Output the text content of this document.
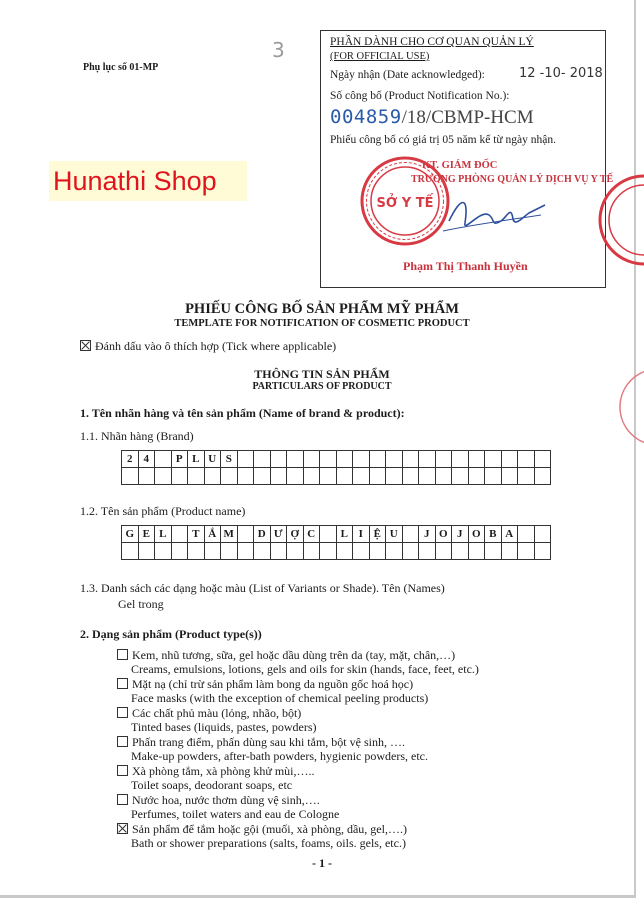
Phụ lục số 01-MP
3
Hunathi Shop
PHẦN DÀNH CHO CƠ QUAN QUẢN LÝ
(FOR OFFICIAL USE)
Ngày nhận (Date acknowledged):	12 -10- 2018
Số công bố (Product Notification No.):
004859/18/CBMP-HCM
Phiếu công bố có giá trị 05 năm kể từ ngày nhận.
KT. GIÁM ĐỐC
TRƯỞNG PHÒNG QUẢN LÝ DỊCH VỤ Y TẾ
SỞ Y TẾ
Phạm Thị Thanh Huyền
PHIẾU CÔNG BỐ SẢN PHẨM MỸ PHẨM
TEMPLATE FOR NOTIFICATION OF COSMETIC PRODUCT
Đánh dấu vào ô thích hợp (Tick where applicable)
THÔNG TIN SẢN PHẨM
PARTICULARS OF PRODUCT
1. Tên nhãn hàng và tên sản phẩm (Name of brand & product):
1.1. Nhãn hàng (Brand)
2	4		P	L	U	S																			

1.2. Tên sản phẩm (Product name)
G	E	L		T	Ắ	M		D	Ư	Ợ	C		L	I	Ệ	U		J	O	J	O	B	A		

1.3. Danh sách các dạng hoặc màu (List of Variants or Shade). Tên (Names)
Gel trong
2. Dạng sản phẩm (Product type(s))
Kem, nhũ tương, sữa, gel hoặc dầu dùng trên da (tay, mặt, chân,…)
Creams, emulsions, lotions, gels and oils for skin (hands, face, feet, etc.)
Mặt nạ (chỉ trừ sản phẩm làm bong da nguồn gốc hoá học)
Face masks (with the exception of chemical peeling products)
Các chất phủ màu (lỏng, nhão, bột)
Tinted bases (liquids, pastes, powders)
Phấn trang điểm, phấn dùng sau khi tắm, bột vệ sinh, ….
Make-up powders, after-bath powders, hygienic powders, etc.
Xà phòng tắm, xà phòng khử mùi,…..
Toilet soaps, deodorant soaps, etc
Nước hoa, nước thơm dùng vệ sinh,….
Perfumes, toilet waters and eau de Cologne
Sản phẩm để tắm hoặc gội (muối, xà phòng, dầu, gel,….)
Bath or shower preparations (salts, foams, oils. gels, etc.)
- 1 -
